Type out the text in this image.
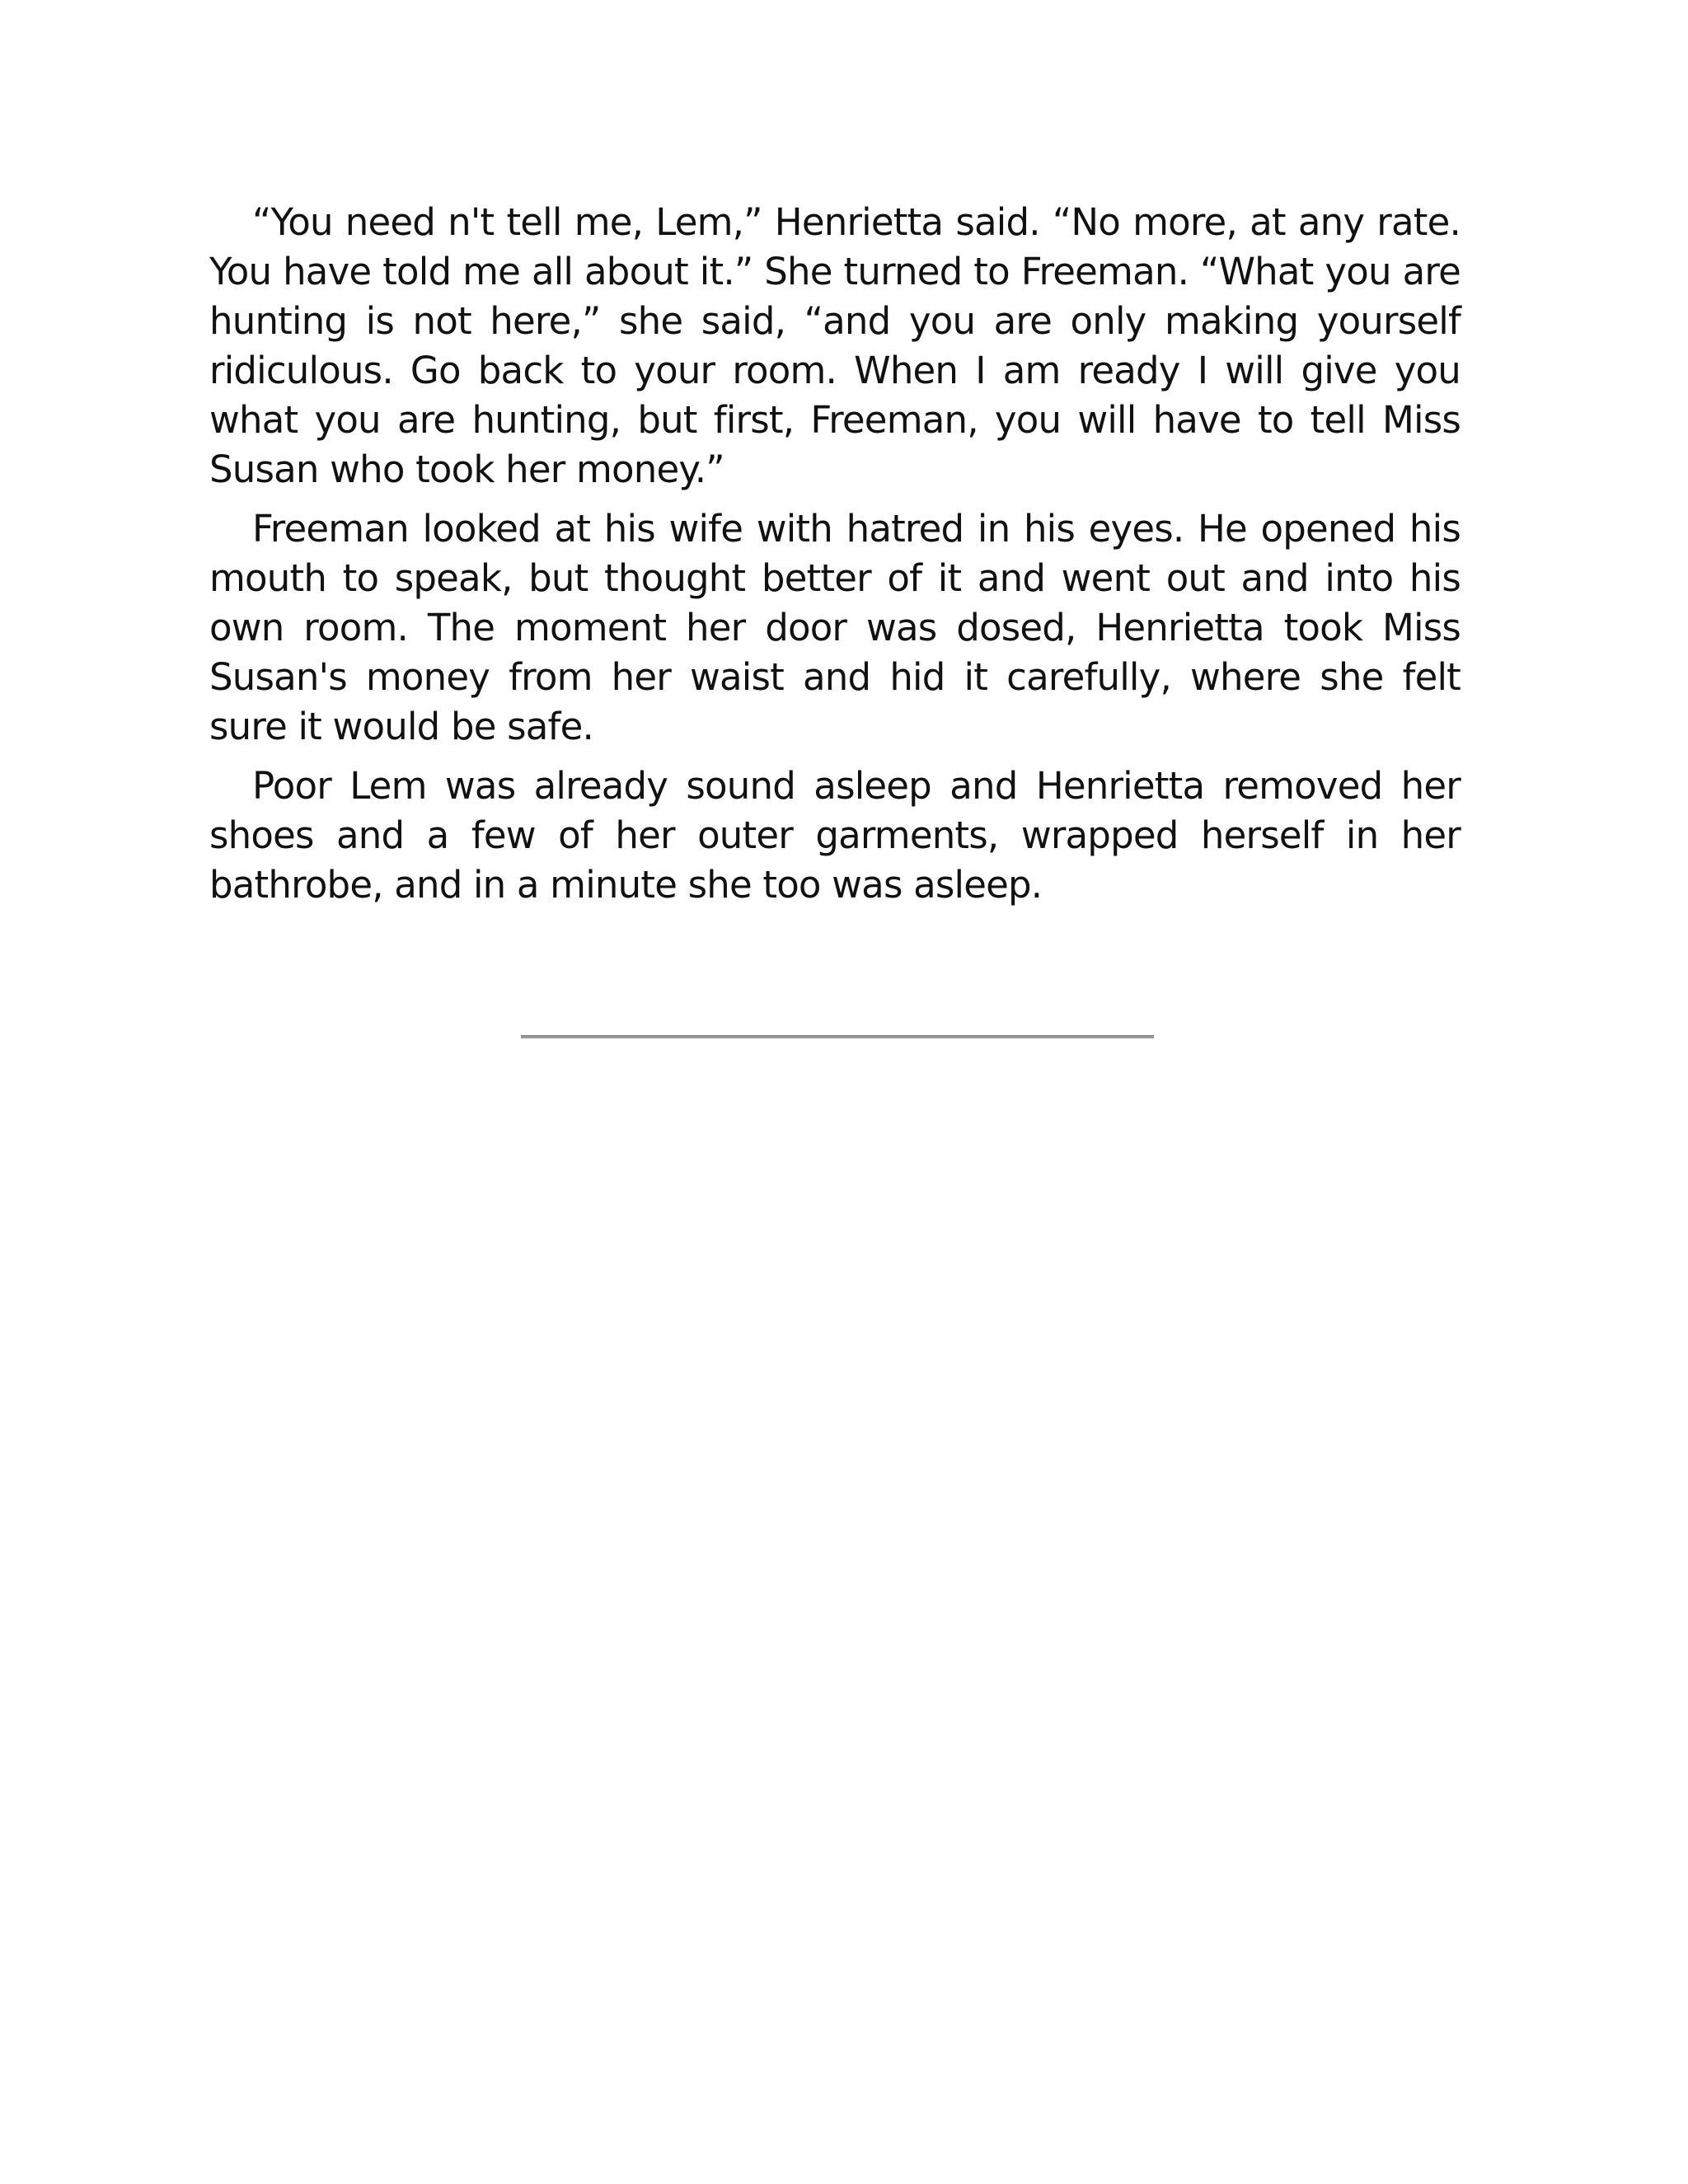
“You need n't tell me, Lem,” Henrietta said. “No more, at any rate. You have told me all about it.” She turned to Freeman. “What you are hunting is not here,” she said, “and you are only making yourself ridiculous. Go back to your room. When I am ready I will give you what you are hunting, but first, Freeman, you will have to tell Miss Susan who took her money.”

Freeman looked at his wife with hatred in his eyes. He opened his mouth to speak, but thought better of it and went out and into his own room. The moment her door was dosed, Henrietta took Miss Susan's money from her waist and hid it carefully, where she felt sure it would be safe.

Poor Lem was already sound asleep and Henrietta removed her shoes and a few of her outer garments, wrapped herself in her bathrobe, and in a minute she too was asleep.
